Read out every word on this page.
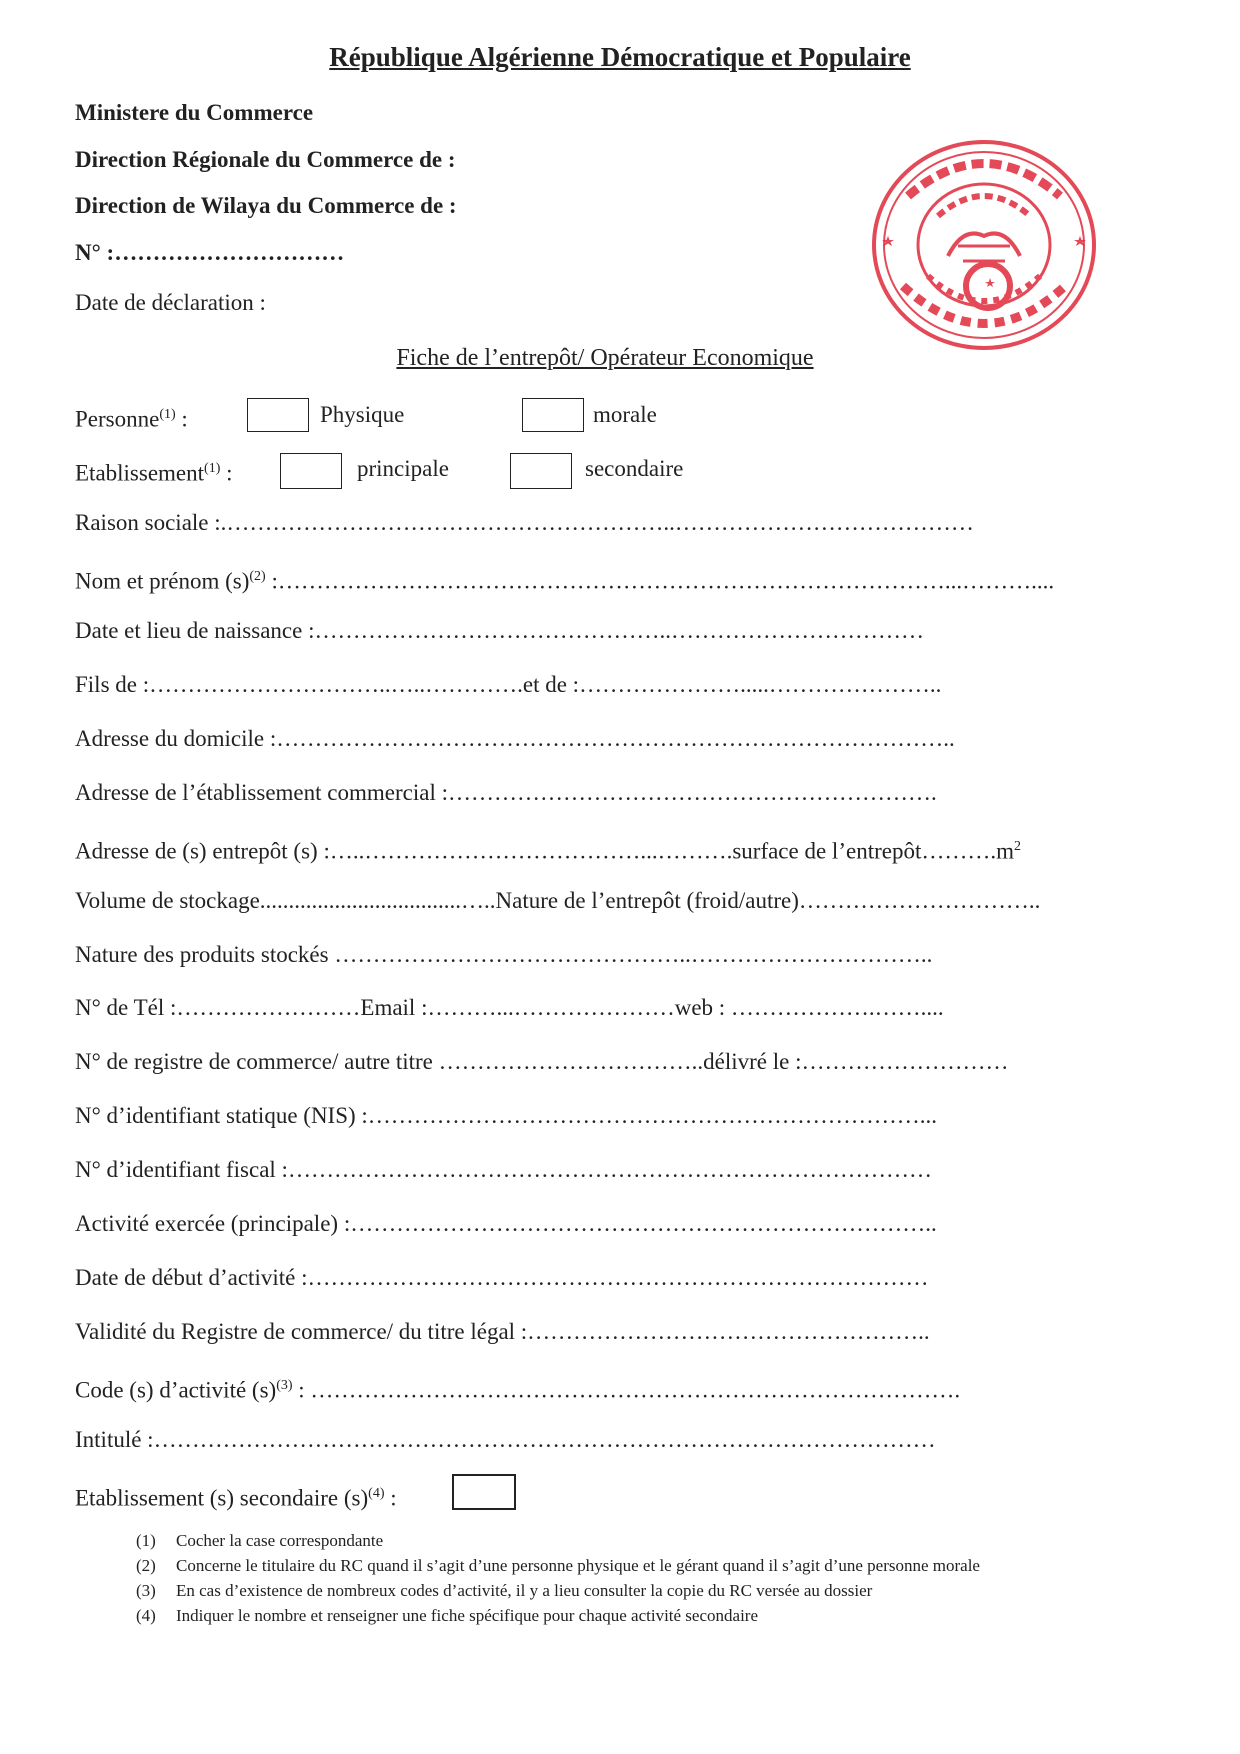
République Algérienne Démocratique et Populaire
Ministere du Commerce
Direction Régionale du Commerce de :
Direction de Wilaya du Commerce de :
N° :…………………………
Date de déclaration :
Fiche de l’entrepôt/ Opérateur Economique
Personne$^{(1)}$ :	Physique	morale
Etablissement$^{(1)}$ :	principale	secondaire
Raison sociale :.…………………………………………………..…………………………………
Nom et prénom $(s)^{(2)}$ :……………………………………………………………………………...………....
Date et lieu de naissance :………………………………………..……………………………
Fils de :…………………………..…..………….et de :………………….....…………………..
Adresse du domicile :……………………………………………………………………………..
Adresse de l’établissement commercial :……………………………………………………….
Adresse de (s) entrepôt (s) :…..………………………………...……….surface de $l’entrepôt\dots\dots\dots.m^2$
Volume de stockage...................................…..Nature de l’entrepôt (froid/autre)…………………………..
Nature des produits stockés ………………………………………..…………………………..
N° de Tél :……………………Email :………...…………………web : ……………….……....
N° de registre de commerce/ autre titre ……………………………..délivré le :………………………
N° d’identifiant statique (NIS) :………………………………………………………………...
N° d’identifiant fiscal :…………………………………………………………………………
Activité exercée (principale) :…………………………………………………………………..
Date de début d’activité :………………………………………………………………………
Validité du Registre de commerce/ du titre légal :……………………………………………..
Code (s) d’activité $(s)^{(3)}$ : ………………………………………………………………………….
Intitulé :…………………………………………………………………………………………
Etablissement (s) secondaire $(s)^{(4)}$ :
(1) Cocher la case correspondante
(2) Concerne le titulaire du RC quand il s’agit d’une personne physique et le gérant quand il s’agit d’une personne morale
(3) En cas d’existence de nombreux codes d’activité, il y a lieu consulter la copie du RC versée au dossier
(4) Indiquer le nombre et renseigner une fiche spécifique pour chaque activité secondaire
